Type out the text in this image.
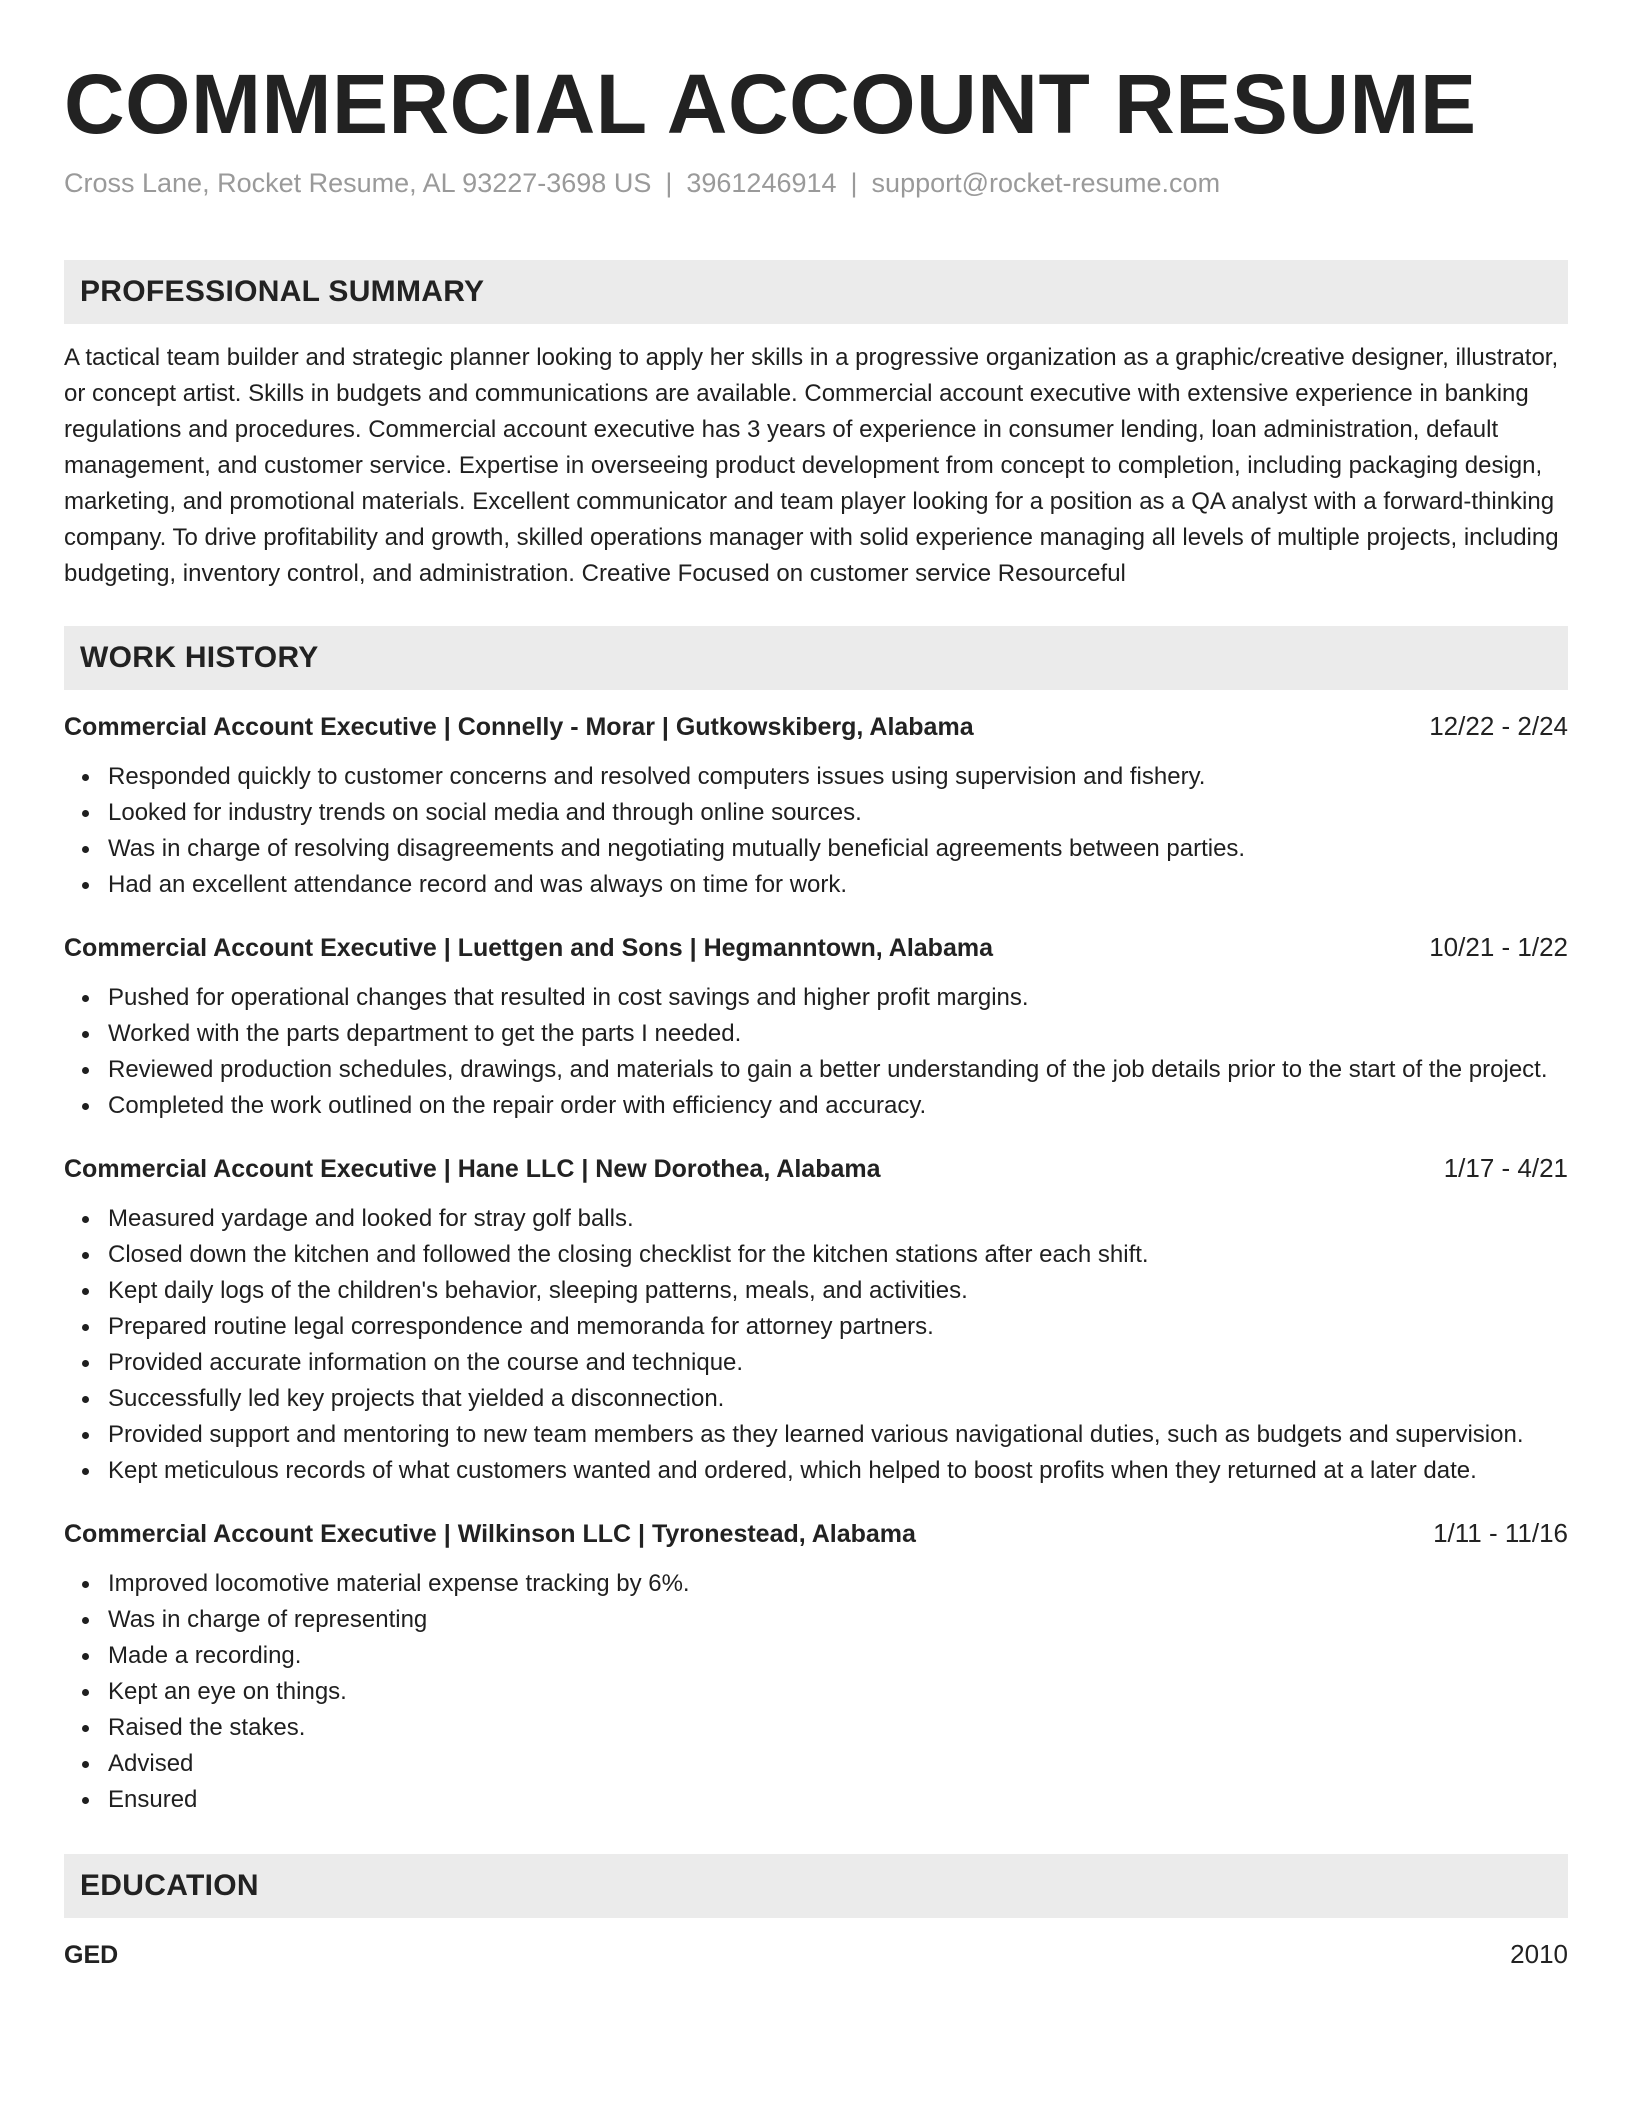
COMMERCIAL ACCOUNT RESUME
Cross Lane, Rocket Resume, AL 93227-3698 US | 3961246914 | support@rocket-resume.com
PROFESSIONAL SUMMARY

A tactical team builder and strategic planner looking to apply her skills in a progressive organization as a graphic/creative designer, illustrator, or concept artist. Skills in budgets and communications are available. Commercial account executive with extensive experience in banking regulations and procedures. Commercial account executive has 3 years of experience in consumer lending, loan administration, default management, and customer service. Expertise in overseeing product development from concept to completion, including packaging design, marketing, and promotional materials. Excellent communicator and team player looking for a position as a QA analyst with a forward-thinking company. To drive profitability and growth, skilled operations manager with solid experience managing all levels of multiple projects, including budgeting, inventory control, and administration. Creative Focused on customer service Resourceful

WORK HISTORY
Commercial Account Executive | Connelly - Morar | Gutkowskiberg, Alabama	12/22 - 2/24
Responded quickly to customer concerns and resolved computers issues using supervision and fishery.
Looked for industry trends on social media and through online sources.
Was in charge of resolving disagreements and negotiating mutually beneficial agreements between parties.
Had an excellent attendance record and was always on time for work.
Commercial Account Executive | Luettgen and Sons | Hegmanntown, Alabama	10/21 - 1/22
Pushed for operational changes that resulted in cost savings and higher profit margins.
Worked with the parts department to get the parts I needed.
Reviewed production schedules, drawings, and materials to gain a better understanding of the job details prior to the start of the project.
Completed the work outlined on the repair order with efficiency and accuracy.
Commercial Account Executive | Hane LLC | New Dorothea, Alabama	1/17 - 4/21
Measured yardage and looked for stray golf balls.
Closed down the kitchen and followed the closing checklist for the kitchen stations after each shift.
Kept daily logs of the children's behavior, sleeping patterns, meals, and activities.
Prepared routine legal correspondence and memoranda for attorney partners.
Provided accurate information on the course and technique.
Successfully led key projects that yielded a disconnection.
Provided support and mentoring to new team members as they learned various navigational duties, such as budgets and supervision.
Kept meticulous records of what customers wanted and ordered, which helped to boost profits when they returned at a later date.
Commercial Account Executive | Wilkinson LLC | Tyronestead, Alabama	1/11 - 11/16
Improved locomotive material expense tracking by 6%.
Was in charge of representing
Made a recording.
Kept an eye on things.
Raised the stakes.
Advised
Ensured
EDUCATION
GED	2010
